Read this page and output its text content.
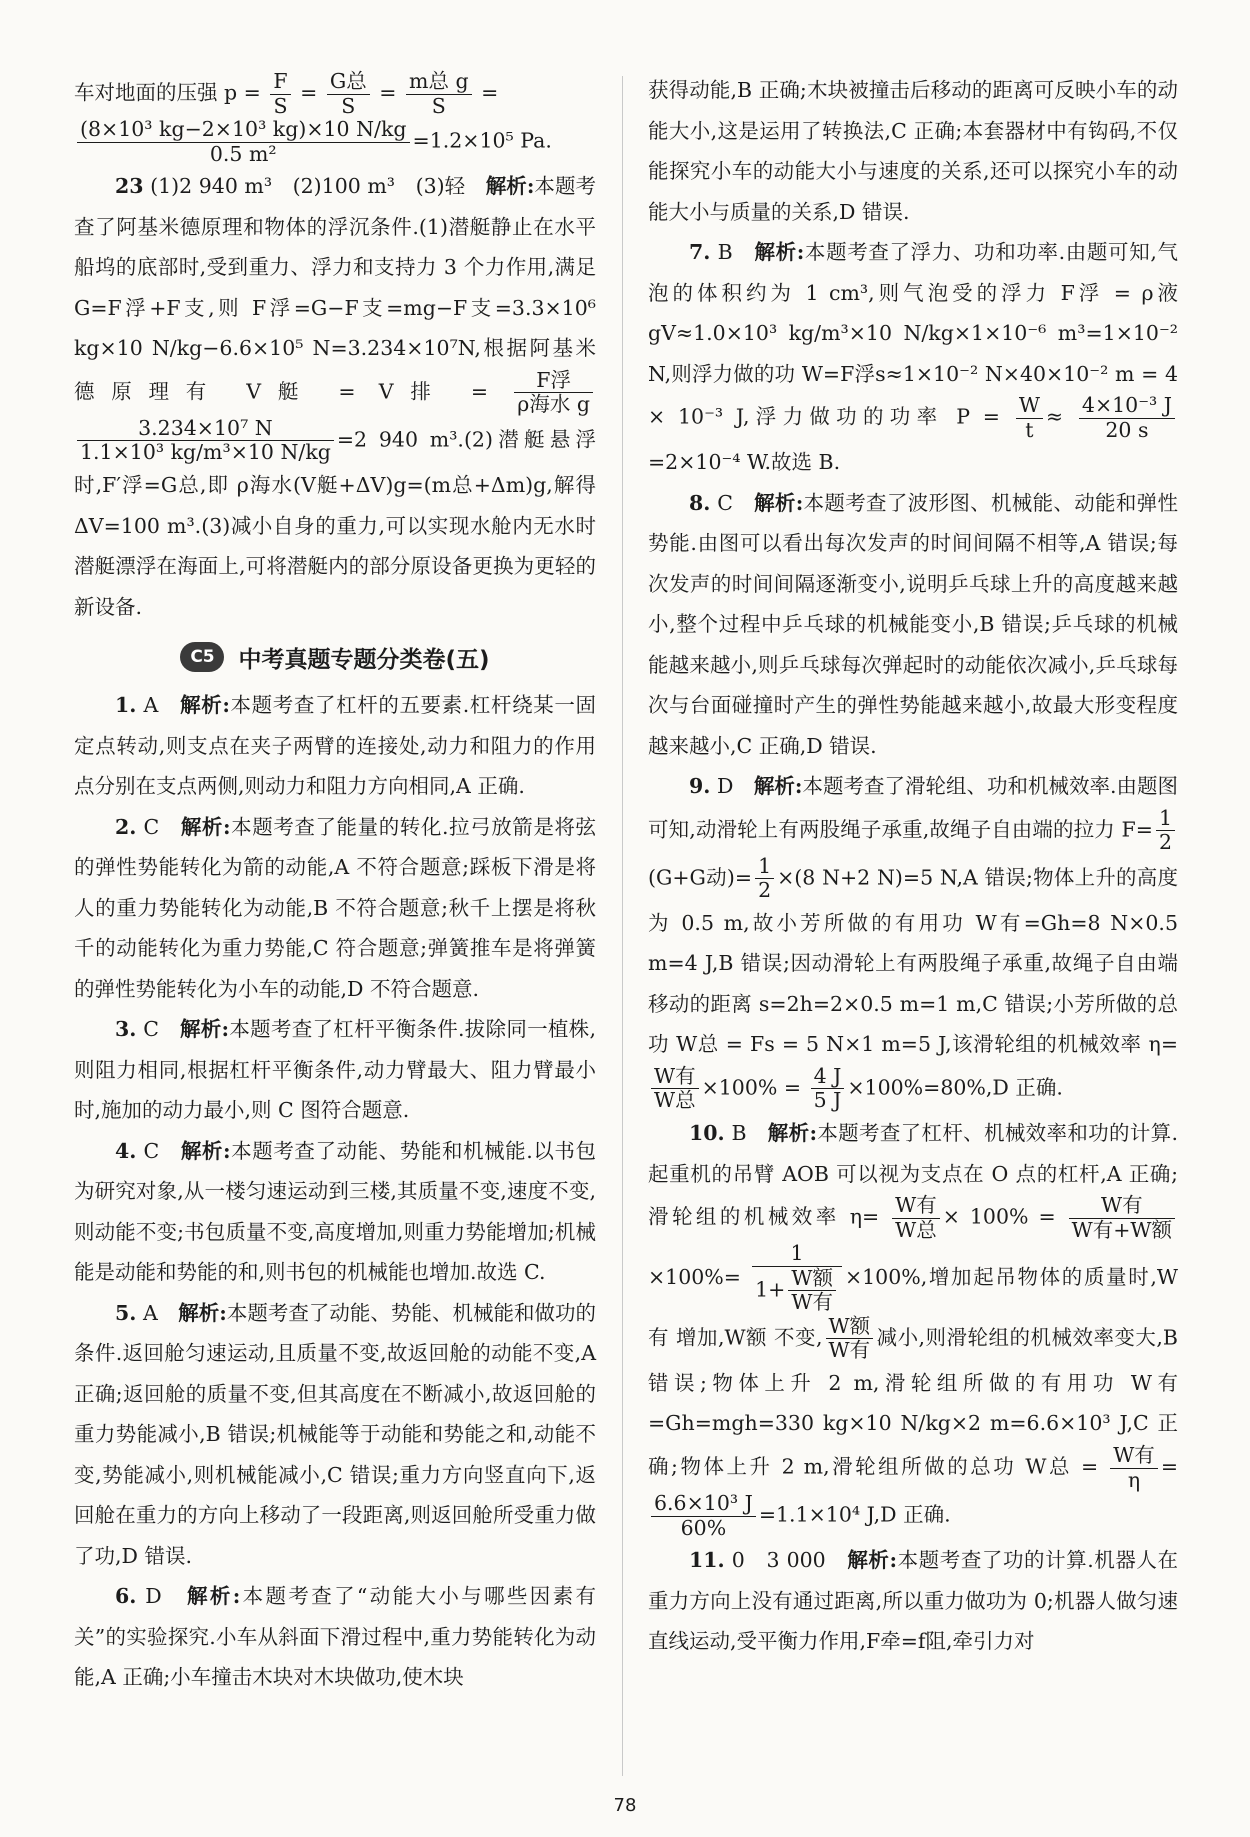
车对地面的压强 $p = \frac{F}{S} = \frac{\text{G总}}{S} = \frac{\text{m总 g}}{S}$ =

$\frac{\text{(8×10³ kg−2×10³ kg)×10 N/kg}}{\text{0.5 m²}} =1.2\times 10^5$ Pa.

23 (1)2 940 m³　(2)100 m³　(3)轻　 解析:本题考查了阿基米德原理和物体的浮沉条件.(1)潜艇静止在水平船坞的底部时,受到重力、浮力和支持力 3 个力作用,满足 G=F浮+F支,则 F浮=G−F支=mg−F支=3.3×10⁶ kg×10 N/kg−6.6×10⁵ N=3.234×10⁷N,根据阿基米德原理有 V艇 = V排 = $\frac{\text{F浮}}{\text{ρ海水 g}}$

$\frac{\text{3.234×10⁷ N}}{\text{1.1×10³ kg/m³×10 N/kg}} =2$ 940 m³.(2)潜艇悬浮时,F′浮=G总,即 ρ海水(V艇+ΔV)g=(m总+Δm)g,解得 ΔV=100 m³.(3)减小自身的重力,可以实现水舱内无水时潜艇漂浮在海面上,可将潜艇内的部分原设备更换为更轻的新设备.

C5	中考真题专题分类卷(五)

1. A　 解析:本题考查了杠杆的五要素.杠杆绕某一固定点转动,则支点在夹子两臂的连接处,动力和阻力的作用点分别在支点两侧,则动力和阻力方向相同,A 正确.

2. C　 解析:本题考查了能量的转化.拉弓放箭是将弦的弹性势能转化为箭的动能,A 不符合题意;踩板下滑是将人的重力势能转化为动能,B 不符合题意;秋千上摆是将秋千的动能转化为重力势能,C 符合题意;弹簧推车是将弹簧的弹性势能转化为小车的动能,D 不符合题意.

3. C　 解析:本题考查了杠杆平衡条件.拔除同一植株,则阻力相同,根据杠杆平衡条件,动力臂最大、阻力臂最小时,施加的动力最小,则 C 图符合题意.

4. C　 解析:本题考查了动能、势能和机械能.以书包为研究对象,从一楼匀速运动到三楼,其质量不变,速度不变,则动能不变;书包质量不变,高度增加,则重力势能增加;机械能是动能和势能的和,则书包的机械能也增加.故选 C.

5. A　 解析:本题考查了动能、势能、机械能和做功的条件.返回舱匀速运动,且质量不变,故返回舱的动能不变,A 正确;返回舱的质量不变,但其高度在不断减小,故返回舱的重力势能减小,B 错误;机械能等于动能和势能之和,动能不变,势能减小,则机械能减小,C 错误;重力方向竖直向下,返回舱在重力的方向上移动了一段距离,则返回舱所受重力做了功,D 错误.

6. D　 解析:本题考查了“动能大小与哪些因素有关”的实验探究.小车从斜面下滑过程中,重力势能转化为动能,A 正确;小车撞击木块对木块做功,使木块

获得动能,B 正确;木块被撞击后移动的距离可反映小车的动能大小,这是运用了转换法,C 正确;本套器材中有钩码,不仅能探究小车的动能大小与速度的关系,还可以探究小车的动能大小与质量的关系,D 错误.

7. B　 解析:本题考查了浮力、功和功率.由题可知,气泡的体积约为 1 cm³,则气泡受的浮力 F浮 = ρ液 gV≈1.0×10³ kg/m³×10 N/kg×1×10⁻⁶ m³=1×10⁻² N,则浮力做的功 W=F浮s≈1×10⁻² N×40×10⁻² m = 4 × 10⁻³ J,浮力做功的功率 $P = \frac{W}{t} \approx \frac{\text{4×10⁻³ J}}{20 s}$
=2×10⁻⁴ W.故选 B.

8. C　 解析:本题考查了波形图、机械能、动能和弹性势能.由图可以看出每次发声的时间间隔不相等,A 错误;每次发声的时间间隔逐渐变小,说明乒乓球上升的高度越来越小,整个过程中乒乓球的机械能变小,B 错误;乒乓球的机械能越来越小,则乒乓球每次弹起时的动能依次减小,乒乓球每次与台面碰撞时产生的弹性势能越来越小,故最大形变程度越来越小,C 正确,D 错误.

9. D　 解析:本题考查了滑轮组、功和机械效率.由题图可知,动滑轮上有两股绳子承重,故绳子自由端的拉力 $F= \frac{1}{2}$
(G+G动)= $\frac{1}{2} \times(8$ N+2 N)=5 N,A 错误;物体上升的高度为 0.5 m,故小芳所做的有用功 W有=Gh=8 N×0.5 m=4 J,B 错误;因动滑轮上有两股绳子承重,故绳子自由端移动的距离 s=2h=2×0.5 m=1 m,C 错误;小芳所做的总功 W总 = Fs = 5 N×1 m=5 J,该滑轮组的机械效率 η=
$\frac{\text{W有}}{\text{W总}} \times 100\% = \frac{4 J}{5 J} \times 100\%=80\%,D$ 正确.

10. B　 解析:本题考查了杠杆、机械效率和功的计算.起重机的吊臂 AOB 可以视为支点在 O 点的杠杆,A 正确;滑轮组的机械效率 $\eta= \frac{\text{W有}}{\text{W总}} \times 100\% = \frac{\text{W有}}{\text{W有+W额}}$
$\times 100\%= \frac{1}{1+ \frac{\text{W额}}{\text{W有}}} \times 100\%$,增加起吊物体的质量时,W有 增加,W额 不变, $\frac{\text{W额}}{\text{W有}}$ 减小,则滑轮组的机械效率变大,B 错误;物体上升 2 m,滑轮组所做的有用功 W有=Gh=mgh=330 kg×10 N/kg×2 m=6.6×10³ J,C 正确;物体上升 2 m,滑轮组所做的总功 W总 = $\frac{\text{W有}}{\eta}$ =
$\frac{\text{6.6×10³ J}}{60\%} =1.1\times 10^4$ J,D 正确.

11. 0　3 000　 解析:本题考查了功的计算.机器人在重力方向上没有通过距离,所以重力做功为 0;机器人做匀速直线运动,受平衡力作用,F牵=f阻,牵引力对

78
